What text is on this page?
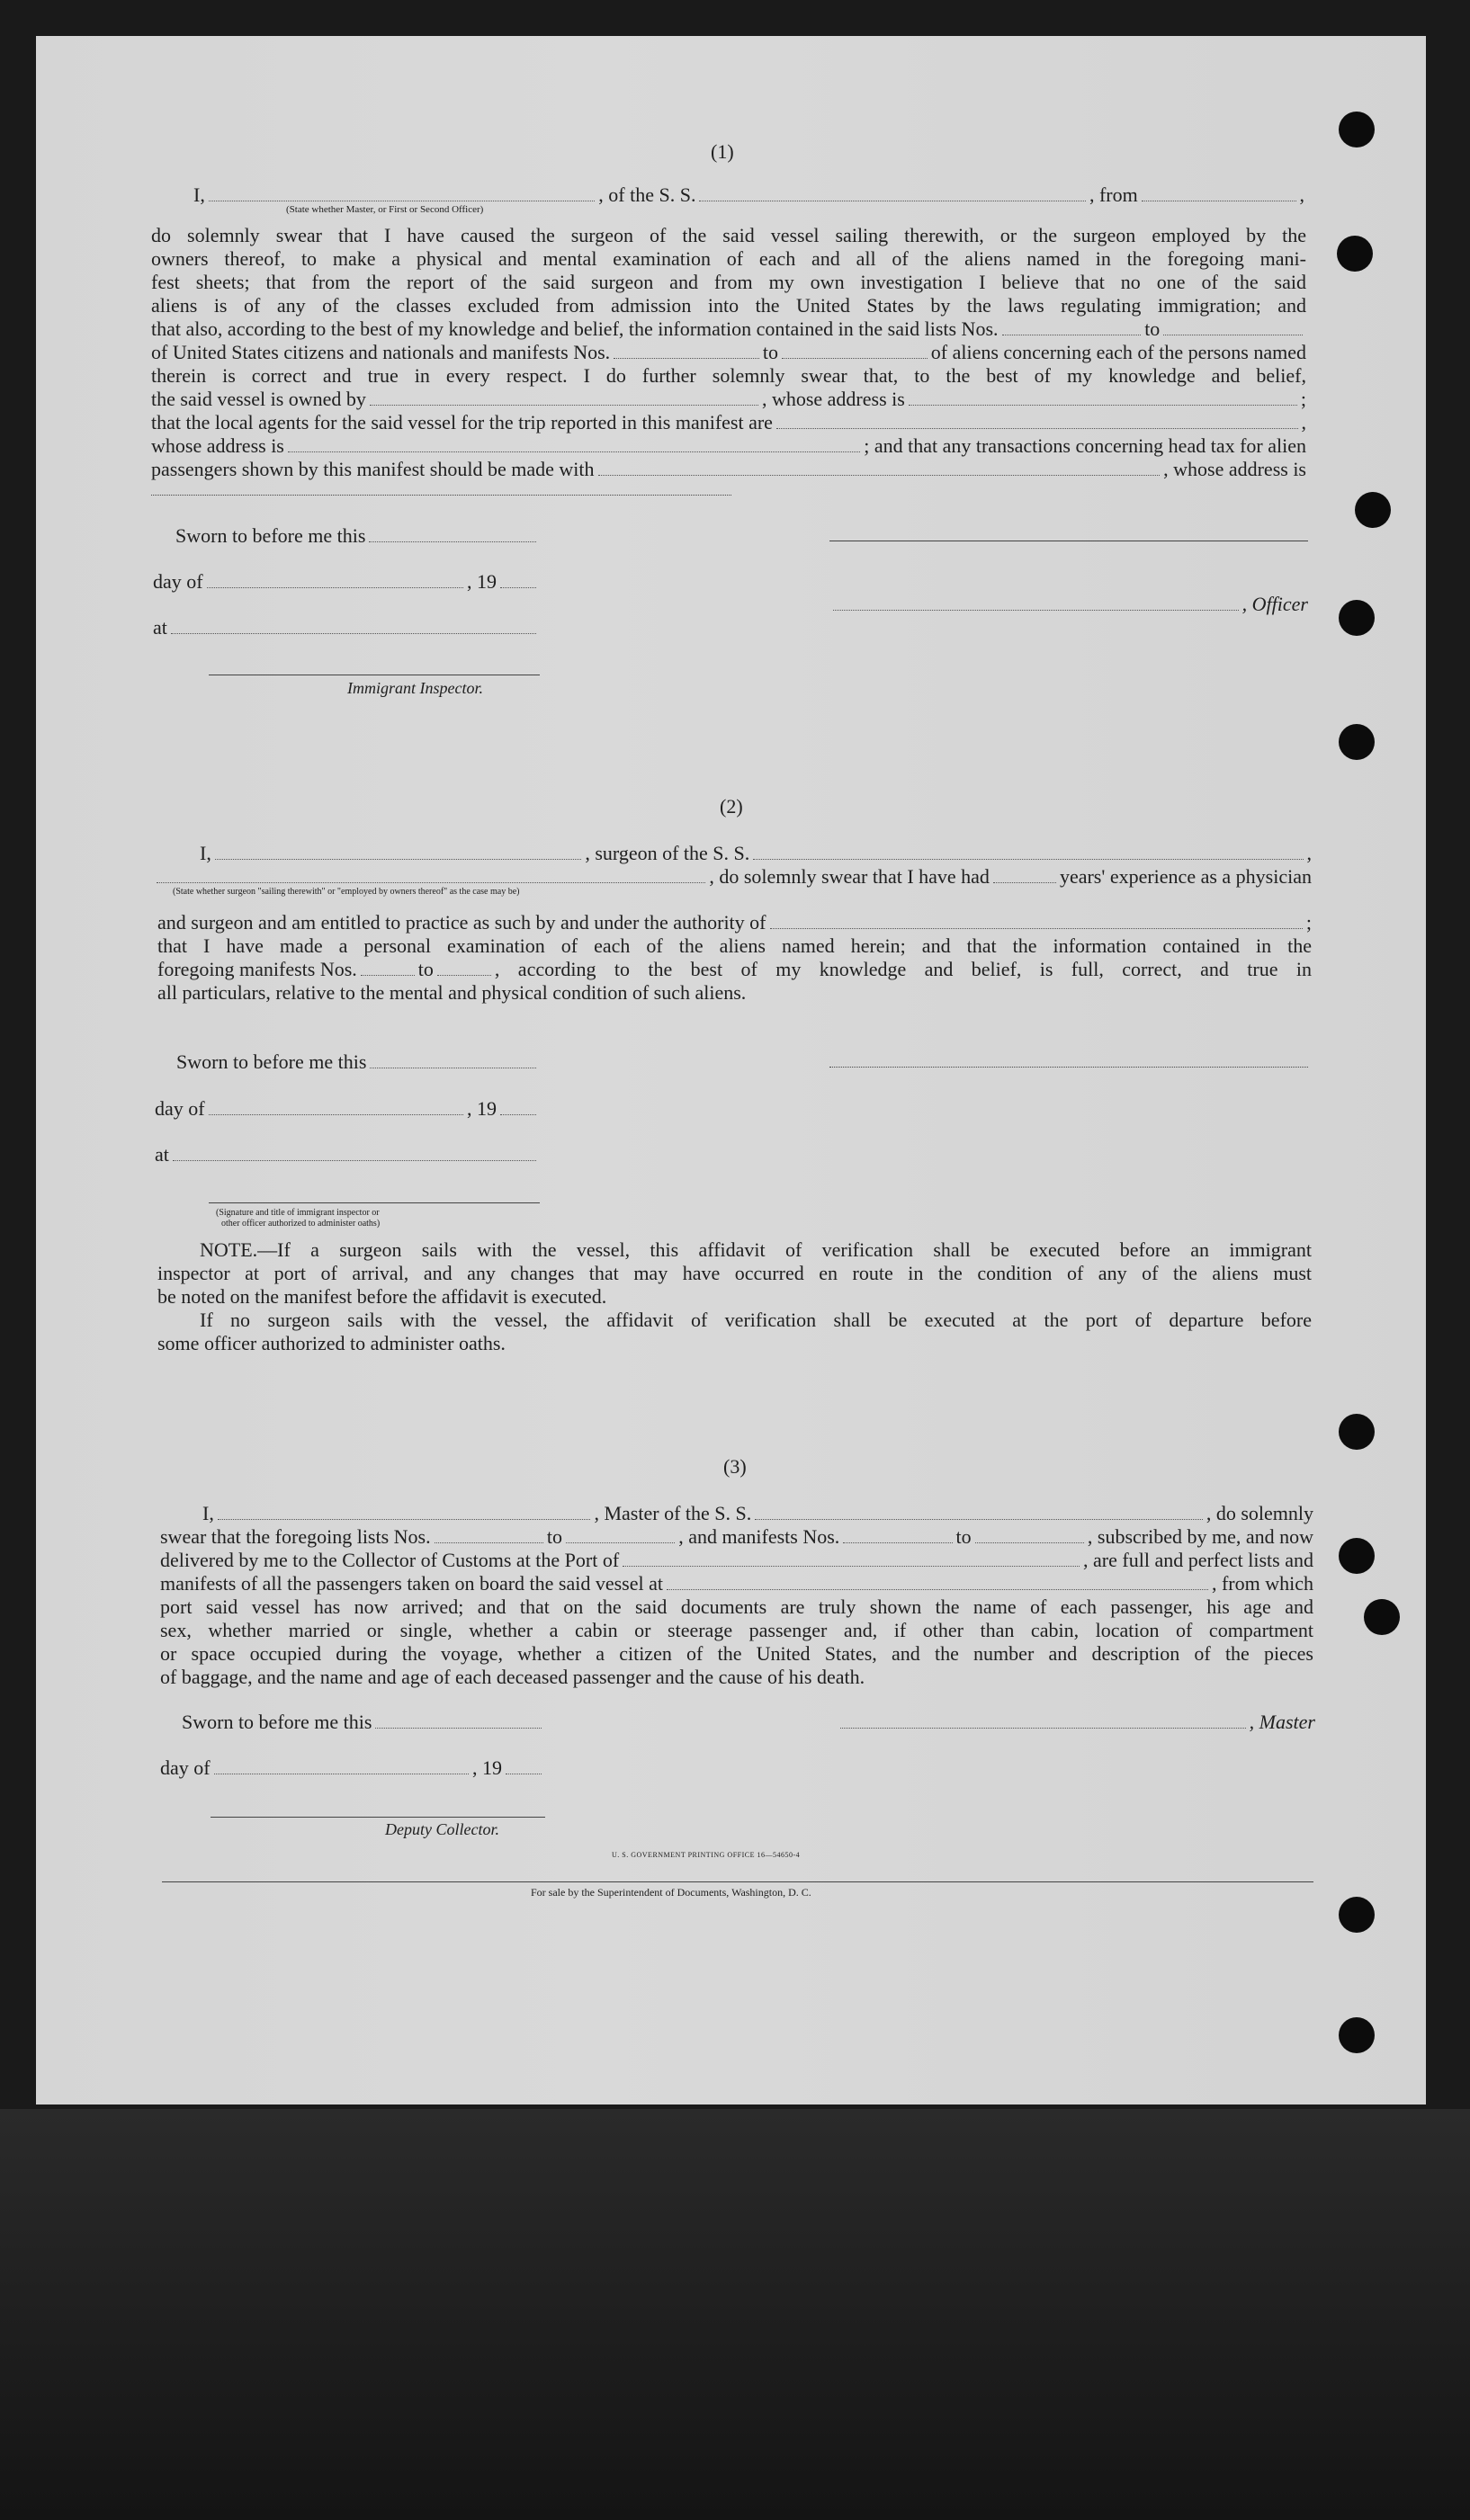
(1)
I,	, of the S. S.	, from	,
(State whether Master, or First or Second Officer)
do solemnly swear that I have caused the surgeon of the said vessel sailing therewith, or the surgeon employed by the
owners thereof, to make a physical and mental examination of each and all of the aliens named in the foregoing mani-
fest sheets; that from the report of the said surgeon and from my own investigation I believe that no one of the said
aliens is of any of the classes excluded from admission into the United States by the laws regulating immigration; and
that also, according to the best of my knowledge and belief, the information contained in the said lists Nos.	to
of United States citizens and nationals and manifests Nos.	to	of aliens concerning each of the persons named
therein is correct and true in every respect. I do further solemnly swear that, to the best of my knowledge and belief,
the said vessel is owned by	, whose address is	;
that the local agents for the said vessel for the trip reported in this manifest are	,
whose address is	; and that any transactions concerning head tax for alien
passengers shown by this manifest should be made with	, whose address is
Sworn to before me this
day of	, 19
, Officer
at
Immigrant Inspector.
(2)
I,	, surgeon of the S. S.	,
, do solemnly swear that I have had	years' experience as a physician
(State whether surgeon "sailing therewith" or "employed by owners thereof" as the case may be)
and surgeon and am entitled to practice as such by and under the authority of	;
that I have made a personal examination of each of the aliens named herein; and that the information contained in the
foregoing manifests Nos.	to	, according to the best of my knowledge and belief, is full, correct, and true in
all particulars, relative to the mental and physical condition of such aliens.
Sworn to before me this
day of	, 19
at
(Signature and title of immigrant inspector or
other officer authorized to administer oaths)
NOTE. —If a surgeon sails with the vessel, this affidavit of verification shall be executed before an immigrant
inspector at port of arrival, and any changes that may have occurred en route in the condition of any of the aliens must
be noted on the manifest before the affidavit is executed.
If no surgeon sails with the vessel, the affidavit of verification shall be executed at the port of departure before
some officer authorized to administer oaths.
(3)
I,	, Master of the S. S.	, do solemnly
swear that the foregoing lists Nos.	to	, and manifests Nos.	to	, subscribed by me, and now
delivered by me to the Collector of Customs at the Port of	, are full and perfect lists and
manifests of all the passengers taken on board the said vessel at	, from which
port said vessel has now arrived; and that on the said documents are truly shown the name of each passenger, his age and
sex, whether married or single, whether a cabin or steerage passenger and, if other than cabin, location of compartment
or space occupied during the voyage, whether a citizen of the United States, and the number and description of the pieces
of baggage, and the name and age of each deceased passenger and the cause of his death.
Sworn to before me this	, Master
day of	, 19
Deputy Collector.
U. S. GOVERNMENT PRINTING OFFICE 16—54650-4
For sale by the Superintendent of Documents, Washington, D. C.
